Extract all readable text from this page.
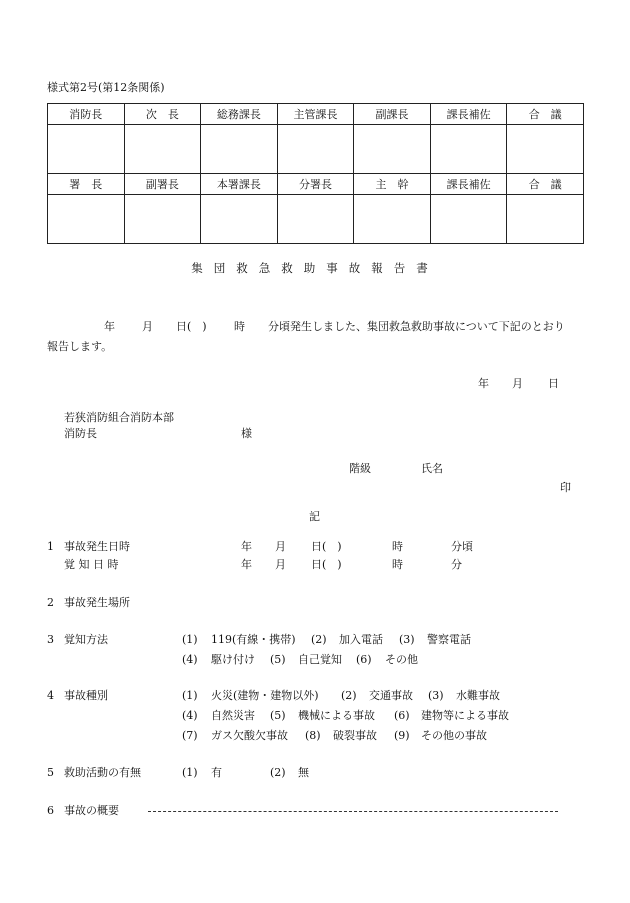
様式第2号(第12条関係)
消防長	次　長	総務課長	主管課長	副課長	課長補佐	合　議

署　長	副署長	本署課長	分署長	主　幹	課長補佐	合　議

集団救急救助事故報告書
年 月 日(　) 時 分頃発生しました、集団救急救助事故について下記のとおり
報告します。
年 月 日
若狭消防組合消防本部
消防長	様
階級	氏名
印
記
1 事故発生日時	年 月 日(　)	時	分頃
覚 知 日 時	年 月 日(　)	時	分
2 事故発生場所
3 覚知方法	(1) 119(有線・携帯) (2) 加入電話 (3) 警察電話
(4) 駆け付け (5) 自己覚知 (6) その他
4 事故種別	(1) 火災(建物・建物以外) (2) 交通事故 (3) 水難事故
(4) 自然災害 (5) 機械による事故 (6) 建物等による事故
(7) ガス欠酸欠事故 (8) 破裂事故 (9) その他の事故
5 救助活動の有無	(1) 有	(2) 無
6 事故の概要
